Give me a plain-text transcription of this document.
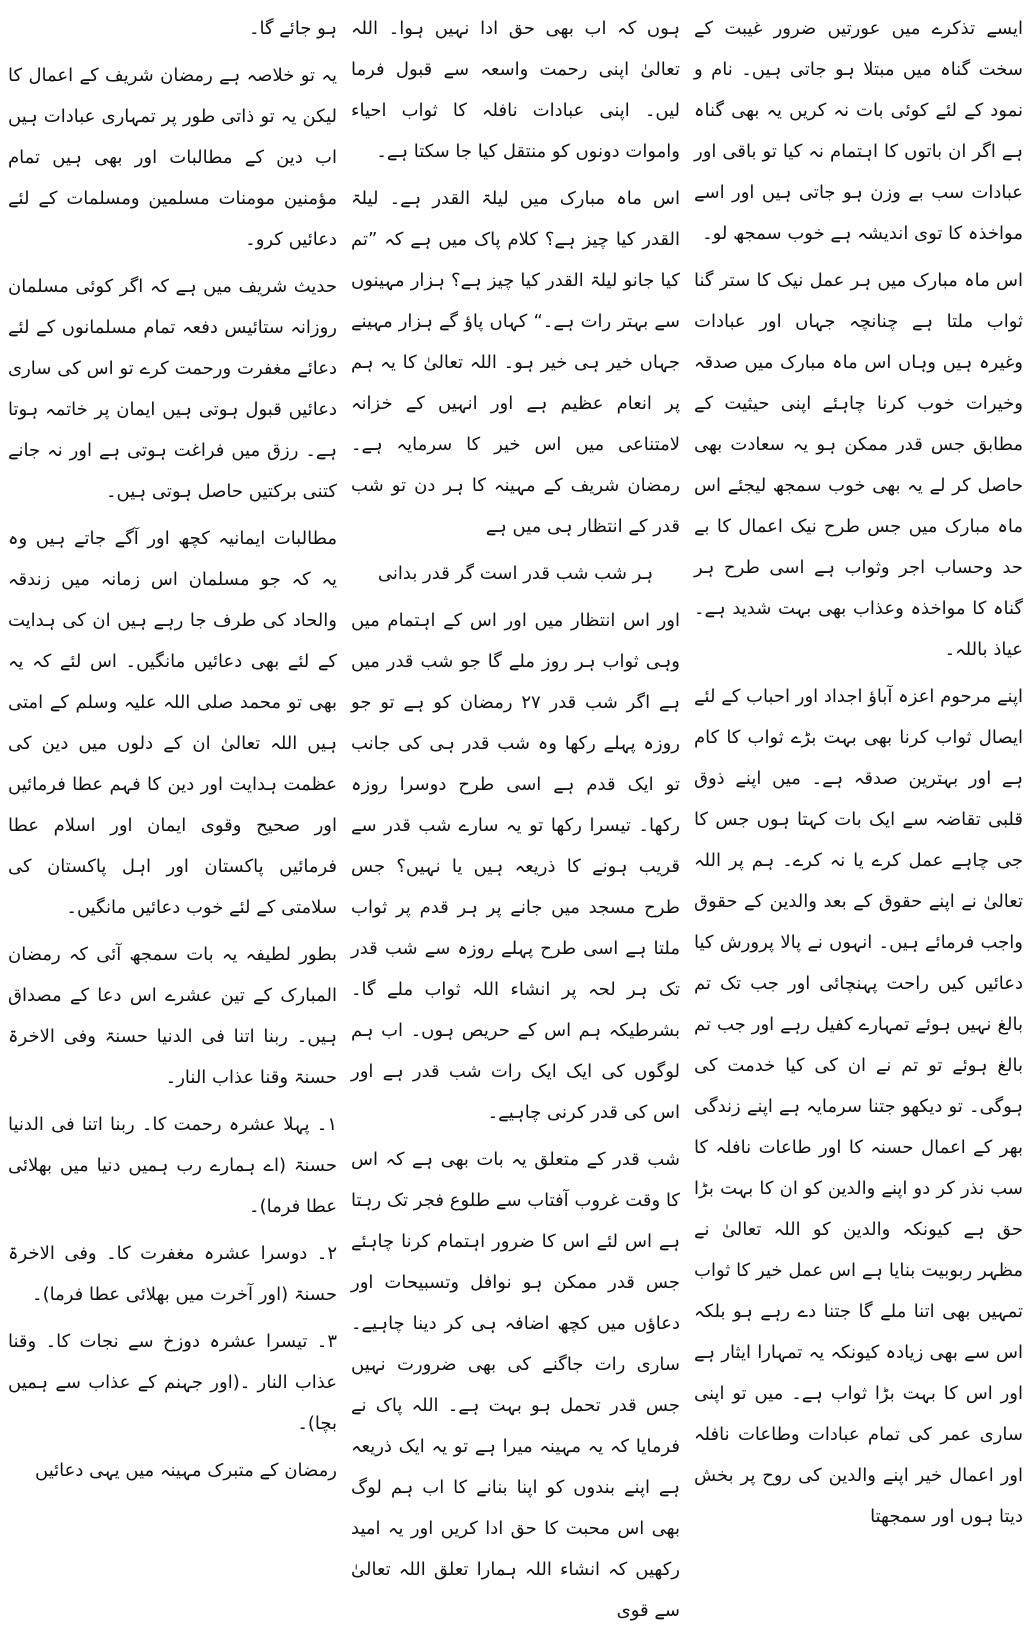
ایسے تذکرے میں عورتیں ضرور غیبت کے سخت گناہ میں مبتلا ہو جاتی ہیں۔ نام و نمود کے لئے کوئی بات نہ کریں یہ بھی گناہ ہے اگر ان باتوں کا اہتمام نہ کیا تو باقی اور عبادات سب بے وزن ہو جاتی ہیں اور اسے مواخذہ کا توی اندیشہ ہے خوب سمجھ لو۔

اس ماہ مبارک میں ہر عمل نیک کا ستر گنا ثواب ملتا ہے چنانچہ جہاں اور عبادات وغیرہ ہیں وہاں اس ماہ مبارک میں صدقہ وخیرات خوب کرنا چاہئے اپنی حیثیت کے مطابق جس قدر ممکن ہو یہ سعادت بھی حاصل کر لے یہ بھی خوب سمجھ لیجئے اس ماہ مبارک میں جس طرح نیک اعمال کا بے حد وحساب اجر وثواب ہے اسی طرح ہر گناہ کا مواخذہ وعذاب بھی بہت شدید ہے۔ عیاذ باللہ۔

اپنے مرحوم اعزہ آباؤ اجداد اور احباب کے لئے ایصال ثواب کرنا بھی بہت بڑے ثواب کا کام ہے اور بہترین صدقہ ہے۔ میں اپنے ذوق قلبی تقاضہ سے ایک بات کہتا ہوں جس کا جی چاہے عمل کرے یا نہ کرے۔ ہم پر اللہ تعالیٰ نے اپنے حقوق کے بعد والدین کے حقوق واجب فرمائے ہیں۔ انہوں نے پالا پرورش کیا دعائیں کیں راحت پہنچائی اور جب تک تم بالغ نہیں ہوئے تمہارے کفیل رہے اور جب تم بالغ ہوئے تو تم نے ان کی کیا خدمت کی ہوگی۔ تو دیکھو جتنا سرمایہ ہے اپنے زندگی بھر کے اعمال حسنہ کا اور طاعات نافلہ کا سب نذر کر دو اپنے والدین کو ان کا بہت بڑا حق ہے کیونکہ والدین کو اللہ تعالیٰ نے مظہر ربوبیت بنایا ہے اس عمل خیر کا ثواب تمہیں بھی اتنا ملے گا جتنا دے رہے ہو بلکہ اس سے بھی زیادہ کیونکہ یہ تمہارا ایثار ہے اور اس کا بہت بڑا ثواب ہے۔ میں تو اپنی ساری عمر کی تمام عبادات وطاعات نافلہ اور اعمال خیر اپنے والدین کی روح پر بخش دیتا ہوں اور سمجھتا

ہوں کہ اب بھی حق ادا نہیں ہوا۔ اللہ تعالیٰ اپنی رحمت واسعہ سے قبول فرما لیں۔ اپنی عبادات نافلہ کا ثواب احیاء واموات دونوں کو منتقل کیا جا سکتا ہے۔

اس ماہ مبارک میں لیلۃ القدر ہے۔ لیلۃ القدر کیا چیز ہے؟ کلام پاک میں ہے کہ ”تم کیا جانو لیلۃ القدر کیا چیز ہے؟ ہزار مہینوں سے بہتر رات ہے۔“ کہاں پاؤ گے ہزار مہینے جہاں خیر ہی خیر ہو۔ اللہ تعالیٰ کا یہ ہم پر انعام عظیم ہے اور انہیں کے خزانہ لامتناعی میں اس خیر کا سرمایہ ہے۔ رمضان شریف کے مہینہ کا ہر دن تو شب قدر کے انتظار ہی میں ہے

ہر شب شب قدر است گر قدر بدانی

اور اس انتظار میں اور اس کے اہتمام میں وہی ثواب ہر روز ملے گا جو شب قدر میں ہے اگر شب قدر ۲۷ رمضان کو ہے تو جو روزہ پہلے رکھا وہ شب قدر ہی کی جانب تو ایک قدم ہے اسی طرح دوسرا روزہ رکھا۔ تیسرا رکھا تو یہ سارے شب قدر سے قریب ہونے کا ذریعہ ہیں یا نہیں؟ جس طرح مسجد میں جانے پر ہر قدم پر ثواب ملتا ہے اسی طرح پہلے روزہ سے شب قدر تک ہر لحہ پر انشاء اللہ ثواب ملے گا۔ بشرطیکہ ہم اس کے حریص ہوں۔ اب ہم لوگوں کی ایک ایک رات شب قدر ہے اور اس کی قدر کرنی چاہیے۔

شب قدر کے متعلق یہ بات بھی ہے کہ اس کا وقت غروب آفتاب سے طلوع فجر تک رہتا ہے اس لئے اس کا ضرور اہتمام کرنا چاہئے جس قدر ممکن ہو نوافل وتسبیحات اور دعاؤں میں کچھ اضافہ ہی کر دینا چاہیے۔ ساری رات جاگنے کی بھی ضرورت نہیں جس قدر تحمل ہو بہت ہے۔ اللہ پاک نے فرمایا کہ یہ مہینہ میرا ہے تو یہ ایک ذریعہ ہے اپنے بندوں کو اپنا بنانے کا اب ہم لوگ بھی اس محبت کا حق ادا کریں اور یہ امید رکھیں کہ انشاء اللہ ہمارا تعلق اللہ تعالیٰ سے قوی

ہو جائے گا۔

یہ تو خلاصہ ہے رمضان شریف کے اعمال کا لیکن یہ تو ذاتی طور پر تمہاری عبادات ہیں اب دین کے مطالبات اور بھی ہیں تمام مؤمنین مومنات مسلمین ومسلمات کے لئے دعائیں کرو۔

حدیث شریف میں ہے کہ اگر کوئی مسلمان روزانہ ستائیس دفعہ تمام مسلمانوں کے لئے دعائے مغفرت ورحمت کرے تو اس کی ساری دعائیں قبول ہوتی ہیں ایمان پر خاتمہ ہوتا ہے۔ رزق میں فراغت ہوتی ہے اور نہ جانے کتنی برکتیں حاصل ہوتی ہیں۔

مطالبات ایمانیہ کچھ اور آگے جاتے ہیں وہ یہ کہ جو مسلمان اس زمانہ میں زندقہ والحاد کی طرف جا رہے ہیں ان کی ہدایت کے لئے بھی دعائیں مانگیں۔ اس لئے کہ یہ بھی تو محمد صلی اللہ علیہ وسلم کے امتی ہیں اللہ تعالیٰ ان کے دلوں میں دین کی عظمت ہدایت اور دین کا فہم عطا فرمائیں اور صحیح وقوی ایمان اور اسلام عطا فرمائیں پاکستان اور اہل پاکستان کی سلامتی کے لئے خوب دعائیں مانگیں۔

بطور لطیفہ یہ بات سمجھ آئی کہ رمضان المبارک کے تین عشرے اس دعا کے مصداق ہیں۔ ربنا اتنا فی الدنیا حسنۃ وفی الاخرۃ حسنۃ وقنا عذاب النار۔

۱۔ پہلا عشرہ رحمت کا۔ ربنا اتنا فی الدنیا حسنۃ (اے ہمارے رب ہمیں دنیا میں بھلائی عطا فرما)۔

۲۔ دوسرا عشرہ مغفرت کا۔ وفی الاخرۃ حسنۃ (اور آخرت میں بھلائی عطا فرما)۔

۳۔ تیسرا عشرہ دوزخ سے نجات کا۔ وقنا عذاب النار ۔(اور جہنم کے عذاب سے ہمیں بچا)۔

رمضان کے متبرک مہینہ میں یہی دعائیں
